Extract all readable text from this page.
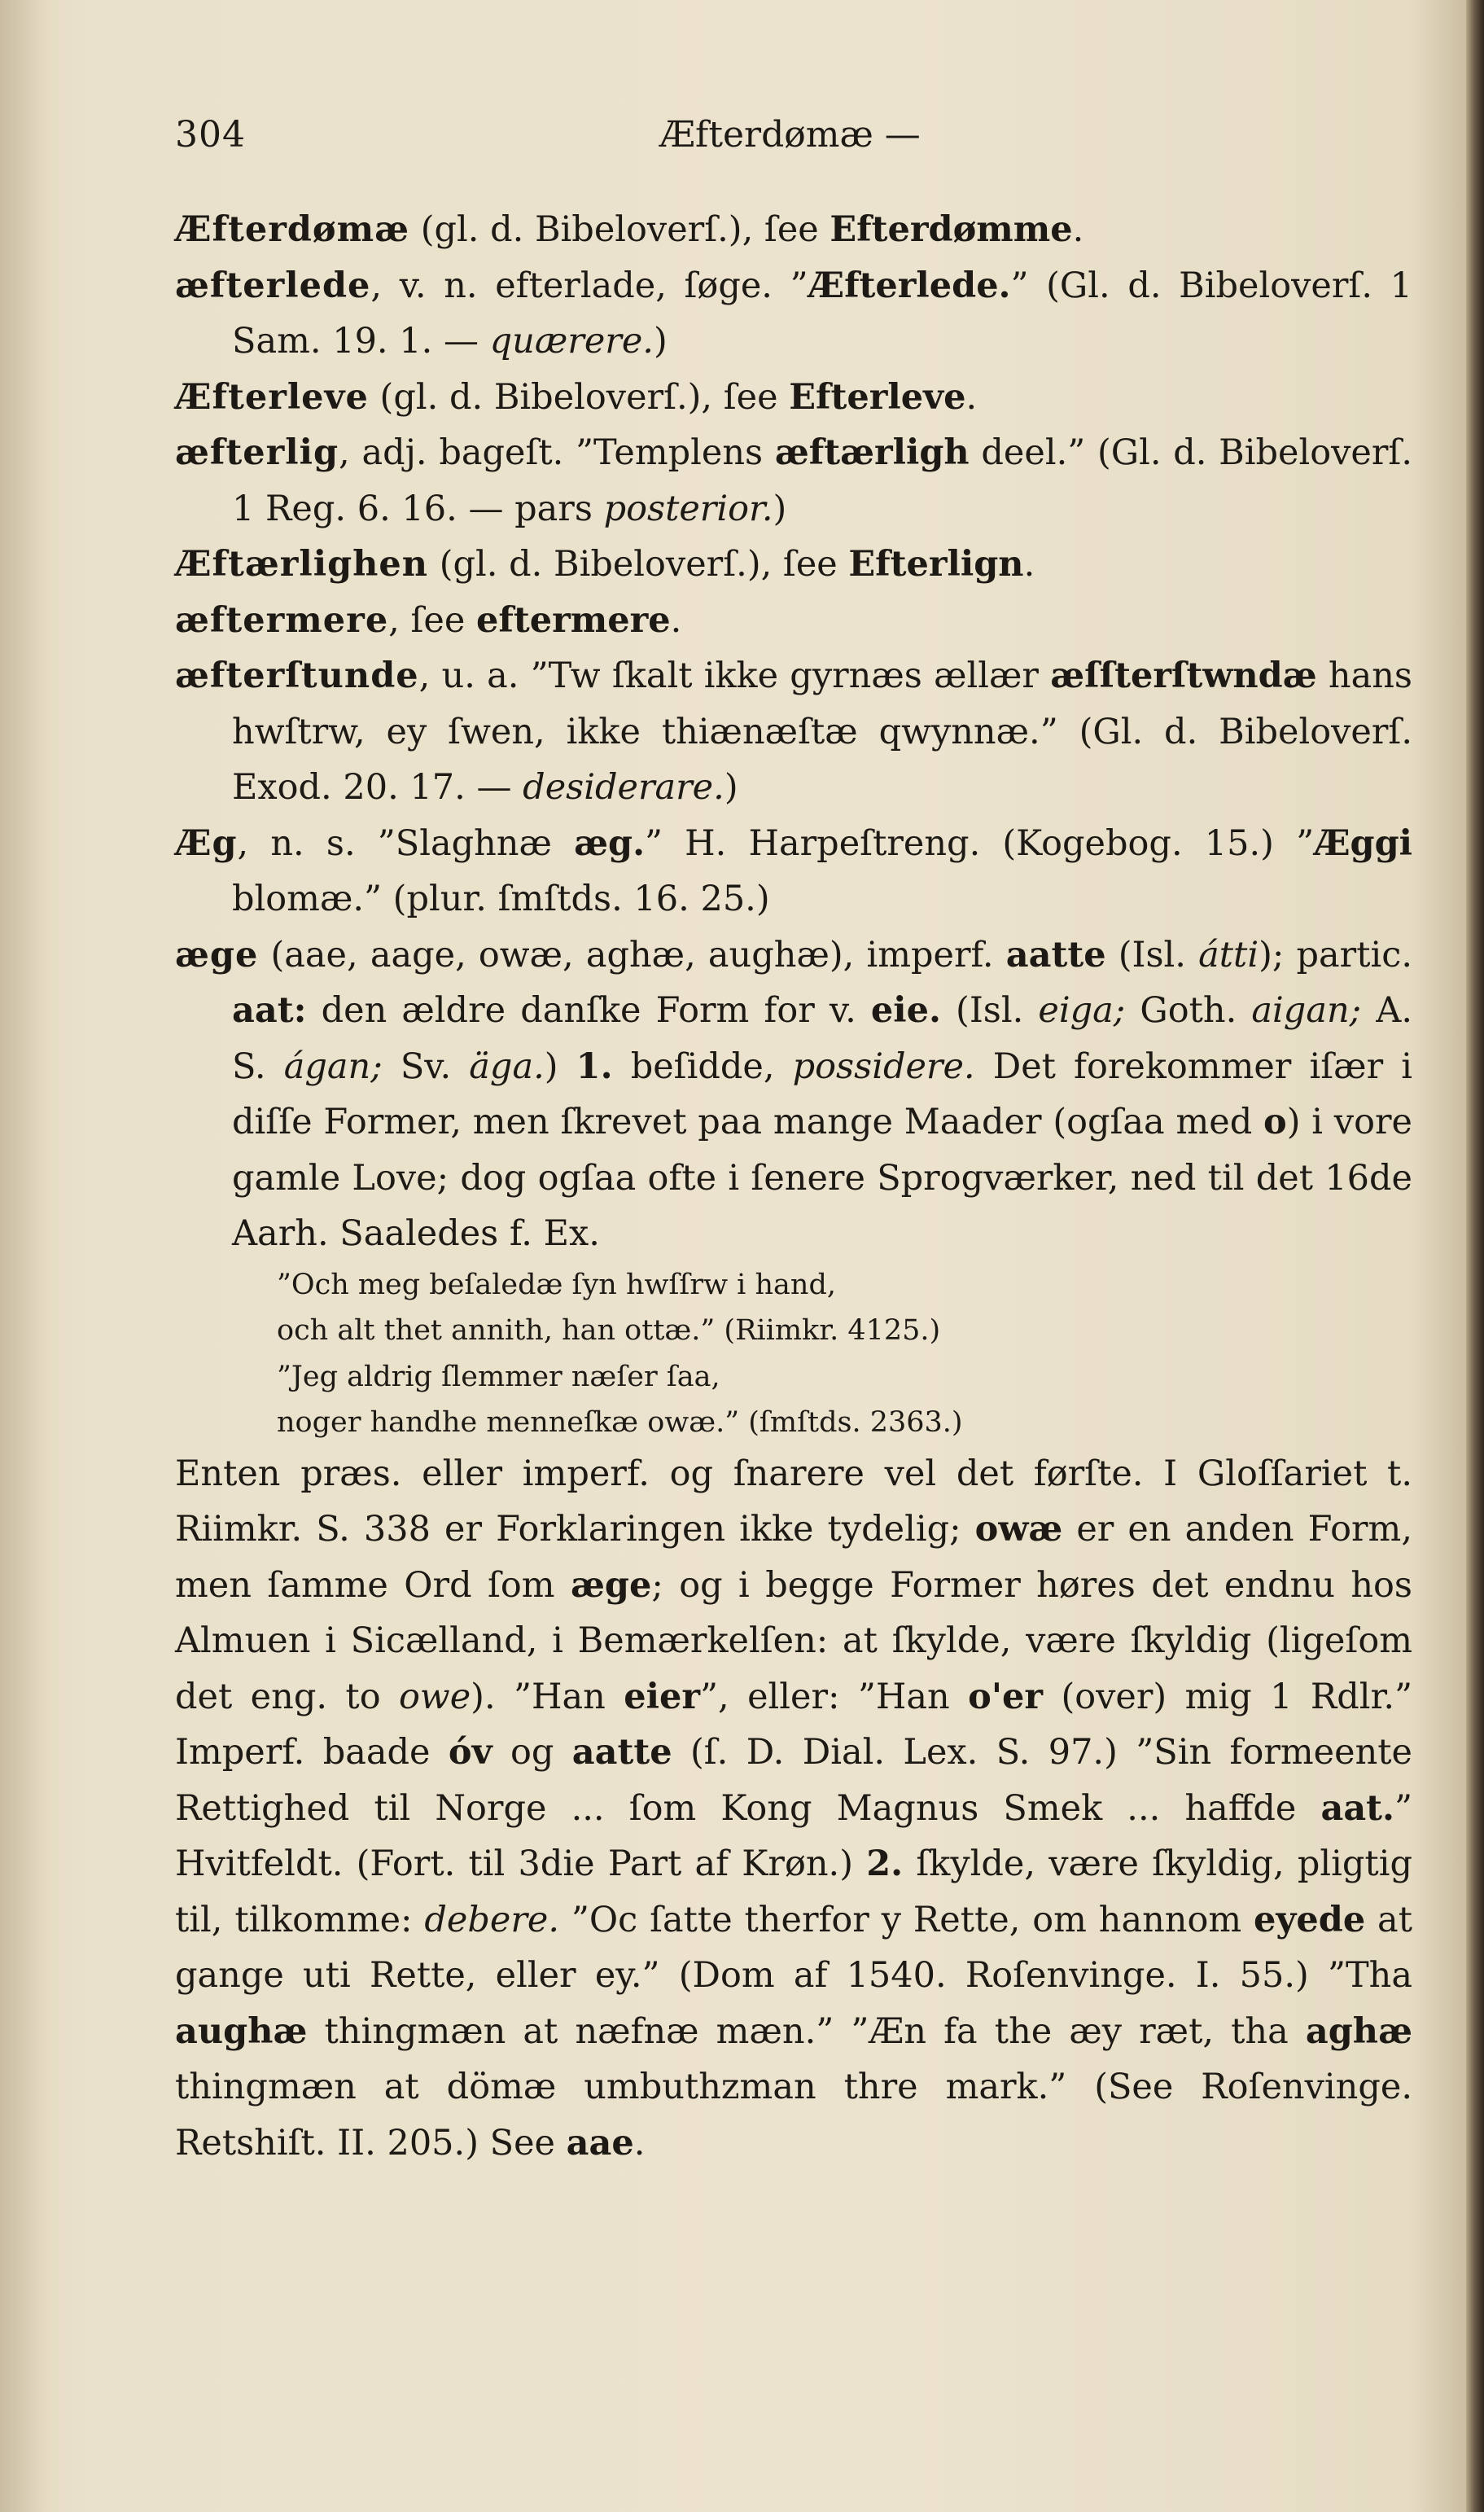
304	Æfterdømæ —

Æfterdømæ (gl. d. Bibeloverſ.), ſee Efterdømme.

æfterlede, v. n. efterlade, ſøge. ”Æfterlede.” (Gl. d. Bibeloverſ. 1 Sam. 19. 1. — quærere.)

Æfterleve (gl. d. Bibeloverſ.), ſee Efterleve.

æfterlig, adj. bageſt. ”Templens æftærligh deel.” (Gl. d. Bibeloverſ. 1 Reg. 6. 16. — pars posterior.)

Æftærlighen (gl. d. Bibeloverſ.), ſee Efterlign.

æftermere, ſee eftermere.

æfterſtunde, u. a. ”Tw ſkalt ikke gyrnæs ællær æſſterſtwndæ hans hwſtrw, ey ſwen, ikke thiænæſtæ qwynnæ.” (Gl. d. Bibeloverſ. Exod. 20. 17. — desiderare.)

Æg, n. s. ”Slaghnæ æg.” H. Harpeſtreng. (Kogebog. 15.) ”Æggi blomæ.” (plur. ſmſtds. 16. 25.)

æge (aae, aage, owæ, aghæ, aughæ), imperf. aatte (Isl. átti); partic. aat: den ældre danſke Form for v. eie. (Isl. eiga; Goth. aigan; A. S. ágan; Sv. äga.) 1. beſidde, possidere. Det forekommer iſær i diſſe Former, men ſkrevet paa mange Maader (ogſaa med o) i vore gamle Love; dog ogſaa ofte i ſenere Sprogværker, ned til det 16de Aarh. Saaledes f. Ex.

”Och meg beſaledæ ſyn hwſſrw i hand,
och alt thet annith, han ottæ.” (Riimkr. 4125.)
”Jeg aldrig ſlemmer næſer ſaa,
noger handhe menneſkæ owæ.” (ſmſtds. 2363.)

Enten præs. eller imperf. og ſnarere vel det førſte. I Gloſſariet t. Riimkr. S. 338 er Forklaringen ikke tydelig; owæ er en anden Form, men ſamme Ord ſom æge; og i begge Former høres det endnu hos Almuen i Sicælland, i Bemærkelſen: at ſkylde, være ſkyldig (ligeſom det eng. to owe). ”Han eier”, eller: ”Han o'er (over) mig 1 Rdlr.” Imperf. baade óv og aatte (ſ. D. Dial. Lex. S. 97.) ”Sin formeente Rettighed til Norge ... ſom Kong Magnus Smek ... haffde aat.” Hvitfeldt. (Fort. til 3die Part af Krøn.) 2. ſkylde, være ſkyldig, pligtig til, tilkomme: debere. ”Oc ſatte therfor y Rette, om hannom eyede at gange uti Rette, eller ey.” (Dom af 1540. Roſenvinge. I. 55.) ”Tha aughæ thingmæn at næfnæ mæn.” ”Æn fa the æy ræt, tha aghæ thingmæn at dömæ umbuthzman thre mark.” (See Roſenvinge. Retshiſt. II. 205.) See aae.
